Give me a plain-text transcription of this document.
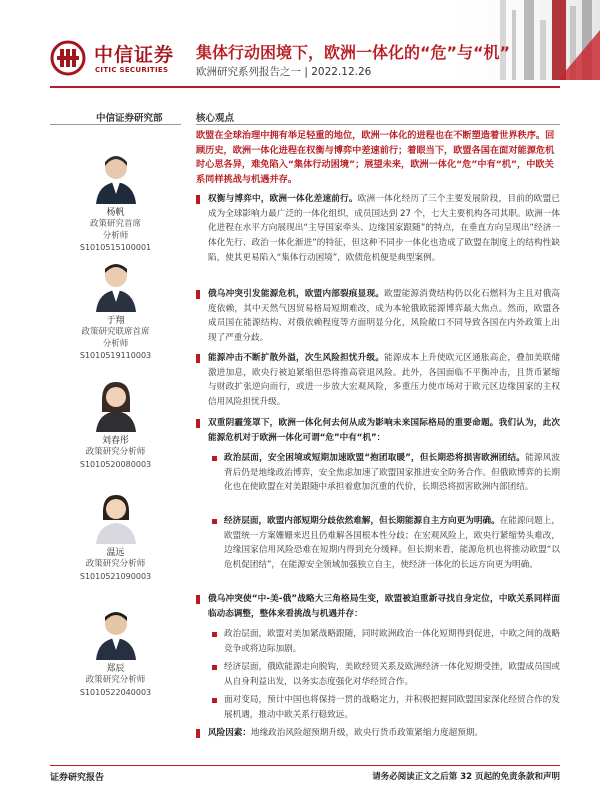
中信证券
CITIC SECURITIES
集体行动困境下，欧洲一体化的“危”与“机”
欧洲研究系列报告之一 | 2022.12.26
中信证券研究部
杨帆
政策研究首席
分析师
S1010515100001
于翔
政策研究联席首席
分析师
S1010519110003
刘春彤
政策研究分析师
S1010520080003
温远
政策研究分析师
S1010521090003
郑辰
政策研究分析师
S1010522040003
核心观点
欧盟在全球治理中拥有举足轻重的地位，欧洲一体化的进程也在不断塑造着世界秩序。回顾历史，欧洲一体化进程在权衡与博弈中差速前行；着眼当下，欧盟各国在面对能源危机时心思各异，难免陷入“集体行动困境”；展望未来，欧洲一体化“危”中有“机”，中欧关系同样挑战与机遇并存。

权衡与博弈中，欧洲一体化差速前行。欧洲一体化经历了三个主要发展阶段，目前的欧盟已成为全球影响力最广泛的一体化组织，成员国达到 27 个，七大主要机构各司其职。欧洲一体化进程在水平方向展现出“主导国家牵头、边缘国家跟随”的特点，在垂直方向呈现出“经济一体化先行、政治一体化渐进”的特征，但这种不同步一体化也造成了欧盟在制度上的结构性缺陷，使其更易陷入“集体行动困境”，欧债危机便是典型案例。

俄乌冲突引发能源危机，欧盟内部裂痕显现。欧盟能源消费结构仍以化石燃料为主且对俄高度依赖，其中天然气因贸易格局短期难改，成为本轮俄欧能源博弈最大焦点。然而，欧盟各成员国在能源结构、对俄依赖程度等方面明显分化，风险敞口不同导致各国在内外政策上出现了严重分歧。

能源冲击不断扩散外溢，次生风险担忧升级。能源成本上升使欧元区通胀高企，叠加美联储激进加息，欧央行被迫紧缩但恐将推高衰退风险。此外，各国面临不平衡冲击，且货币紧缩与财政扩张逆向而行，或进一步放大宏观风险，多重压力使市场对于欧元区边缘国家的主权信用风险担忧升级。

双重阴霾笼罩下，欧洲一体化何去何从成为影响未来国际格局的重要命题。我们认为，此次能源危机对于欧洲一体化可谓“危”中有“机”：

政治层面，安全困境或短期加速欧盟“抱团取暖”，但长期恐将损害欧洲团结。能源风波背后仍是地缘政治博弈，安全焦虑加速了欧盟国家推进安全防务合作。但俄欧博弈的长期化也在使欧盟在对美跟随中承担着愈加沉重的代价，长期恐将损害欧洲内部团结。

经济层面，欧盟内部短期分歧依然难解，但长期能源自主方向更为明确。在能源问题上，欧盟统一方案姗姗来迟且仍难解各国根本性分歧；在宏观风险上，欧央行紧缩势头难改，边缘国家信用风险恐难在短期内得到充分缓释。但长期来看，能源危机也将推动欧盟“以危机促团结”，在能源安全领域加强独立自主，使经济一体化的长远方向更为明确。

俄乌冲突使“中-美-俄”战略大三角格局生变，欧盟被迫重新寻找自身定位，中欧关系同样面临动态调整，整体来看挑战与机遇并存：

政治层面，欧盟对美加紧战略跟随，同时欧洲政治一体化短期得到促进，中欧之间的战略竞争或将边际加剧。

经济层面，俄欧能源走向脱钩，美欧经贸关系及欧洲经济一体化短期受挫，欧盟成员国或从自身利益出发，以务实态度强化对华经贸合作。

面对变局，预计中国也将保持一贯的战略定力，并积极把握同欧盟国家深化经贸合作的发展机遇，推动中欧关系行稳致远。

风险因素：地缘政治风险超预期升级，欧央行货币政策紧缩力度超预期。

证券研究报告	请务必阅读正文之后第 32 页起的免责条款和声明
